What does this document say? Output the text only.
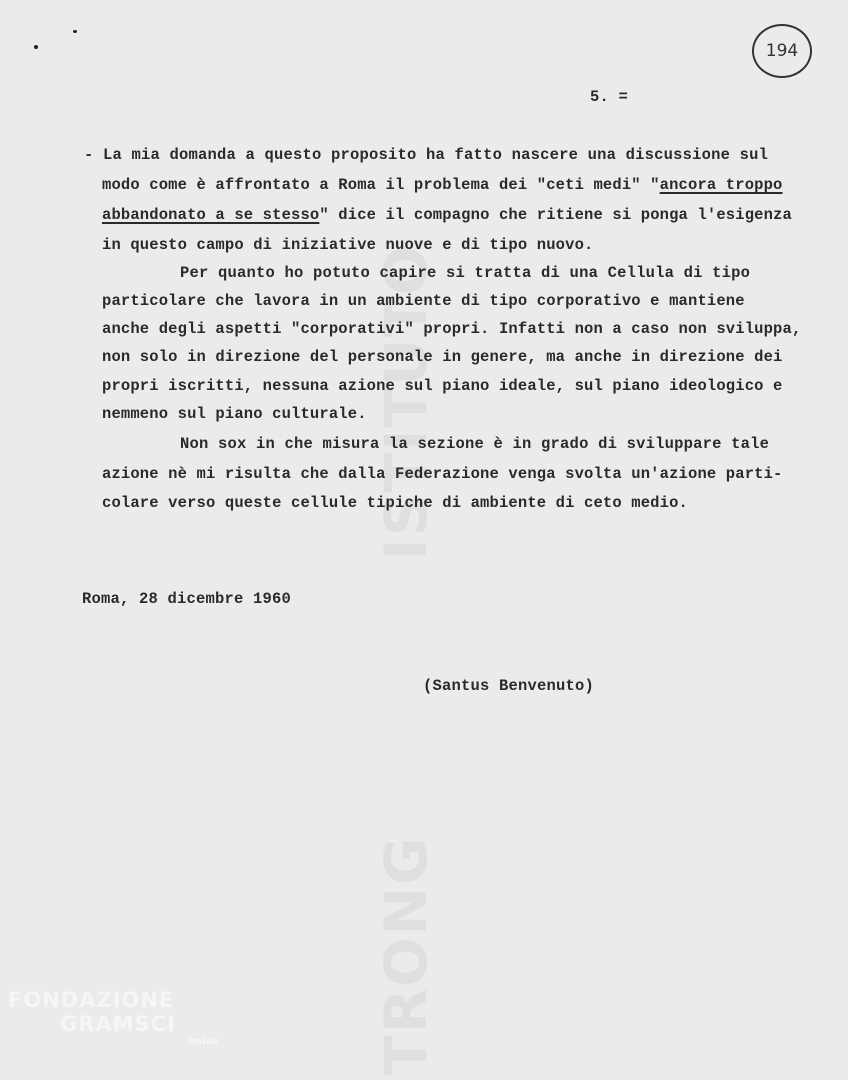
ISTITUTO
TRONG
194
5. =
- La mia domanda a questo proposito ha fatto nascere una discussione sul
modo come è affrontato a Roma il problema dei "ceti medi" "ancora troppo
abbandonato a se stesso" dice il compagno che ritiene si ponga l'esigenza
in questo campo di iniziative nuove e di tipo nuovo.
Per quanto ho potuto capire si tratta di una Cellula di tipo
particolare che lavora in un ambiente di tipo corporativo e mantiene
anche degli aspetti "corporativi" propri. Infatti non a caso non sviluppa,
non solo in direzione del personale in genere, ma anche in direzione dei
propri iscritti, nessuna azione sul piano ideale, sul piano ideologico e
nemmeno sul piano culturale.
Non sox in che misura la sezione è in grado di sviluppare tale
azione nè mi risulta che dalla Federazione venga svolta un'azione parti-
colare verso queste cellule tipiche di ambiente di ceto medio.
Roma, 28 dicembre 1960
(Santus Benvenuto)
FONDAZIONE
GRAMSCI
onlus
